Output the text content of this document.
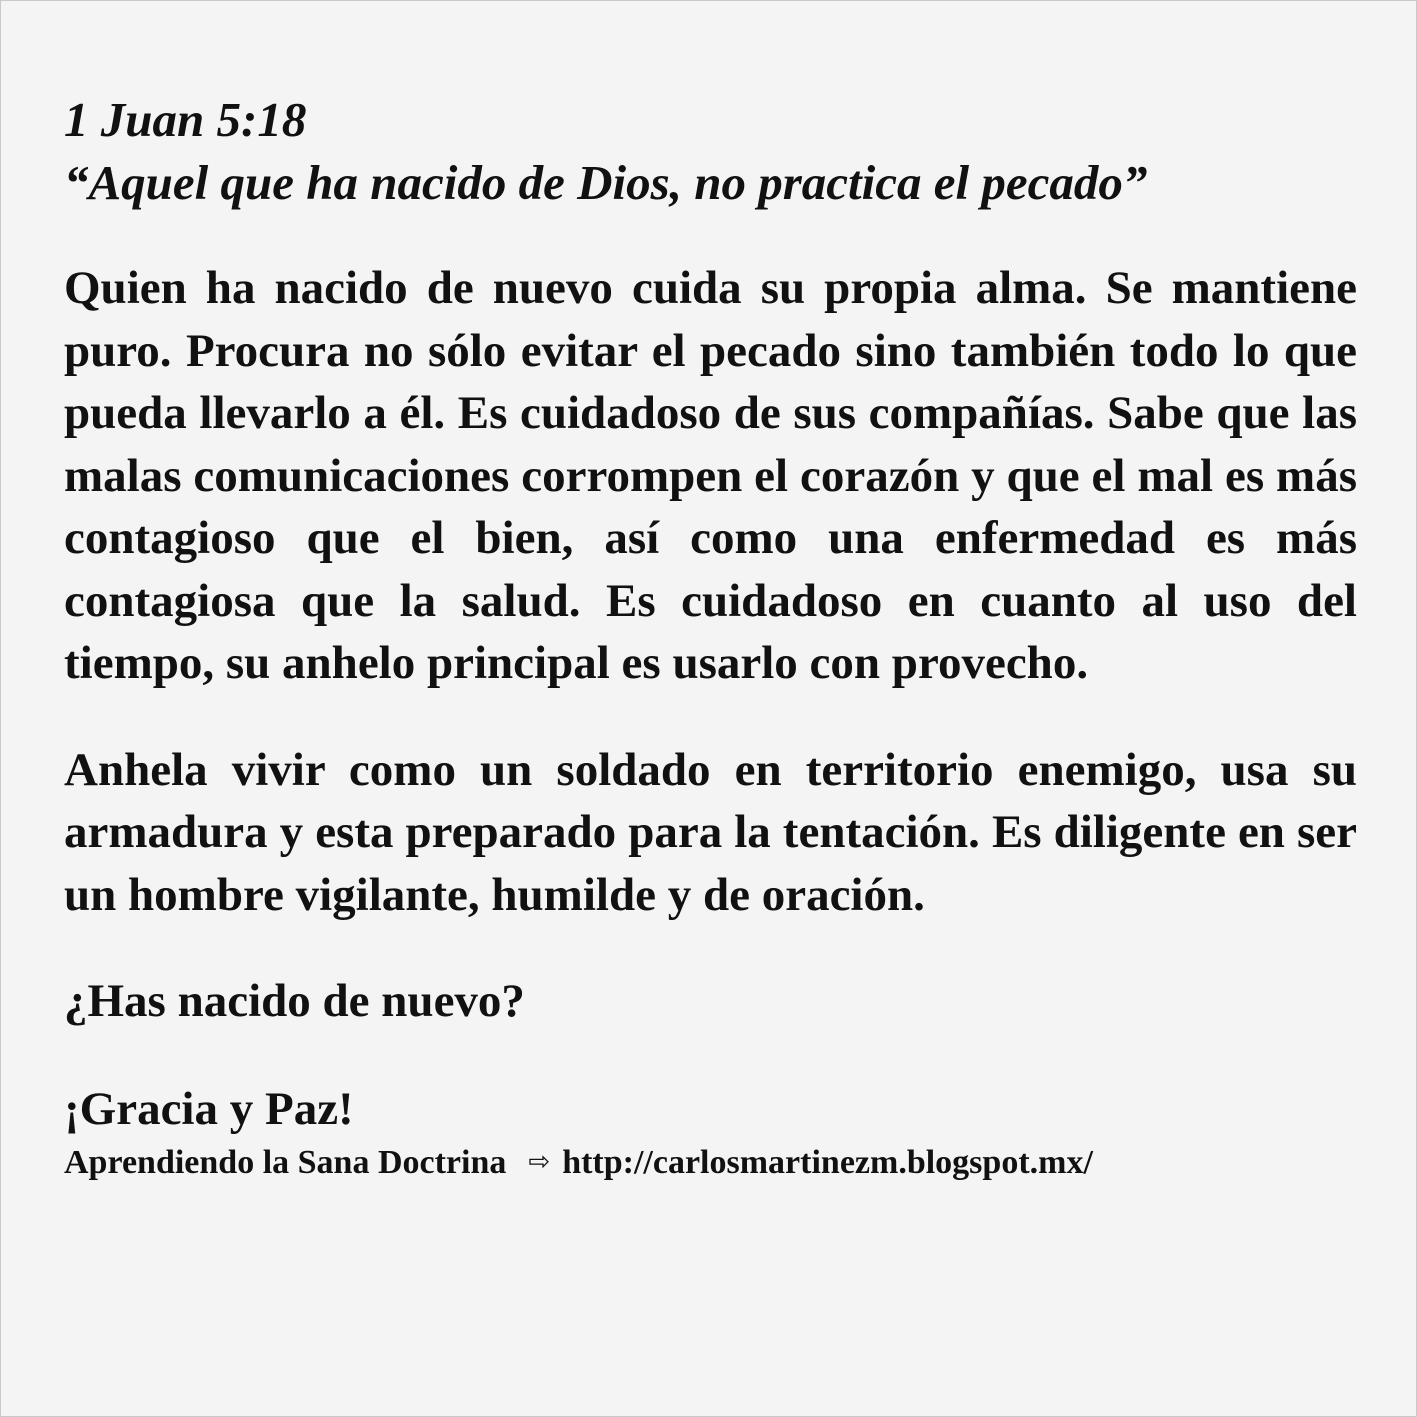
1 Juan 5:18
“Aquel que ha nacido de Dios, no practica el pecado”

Quien ha nacido de nuevo cuida su propia alma. Se mantiene puro. Procura no sólo evitar el pecado sino también todo lo que pueda llevarlo a él. Es cuidadoso de sus compañías. Sabe que las malas comunicaciones corrompen el corazón y que el mal es más contagioso que el bien, así como una enfermedad es más contagiosa que la salud. Es cuidadoso en cuanto al uso del tiempo, su anhelo principal es usarlo con provecho.

Anhela vivir como un soldado en territorio enemigo, usa su armadura y esta preparado para la tentación. Es diligente en ser un hombre vigilante, humilde y de oración.

¿Has nacido de nuevo?

¡Gracia y Paz!

Aprendiendo la Sana Doctrina ⇨ http://carlosmartinezm.blogspot.mx/
